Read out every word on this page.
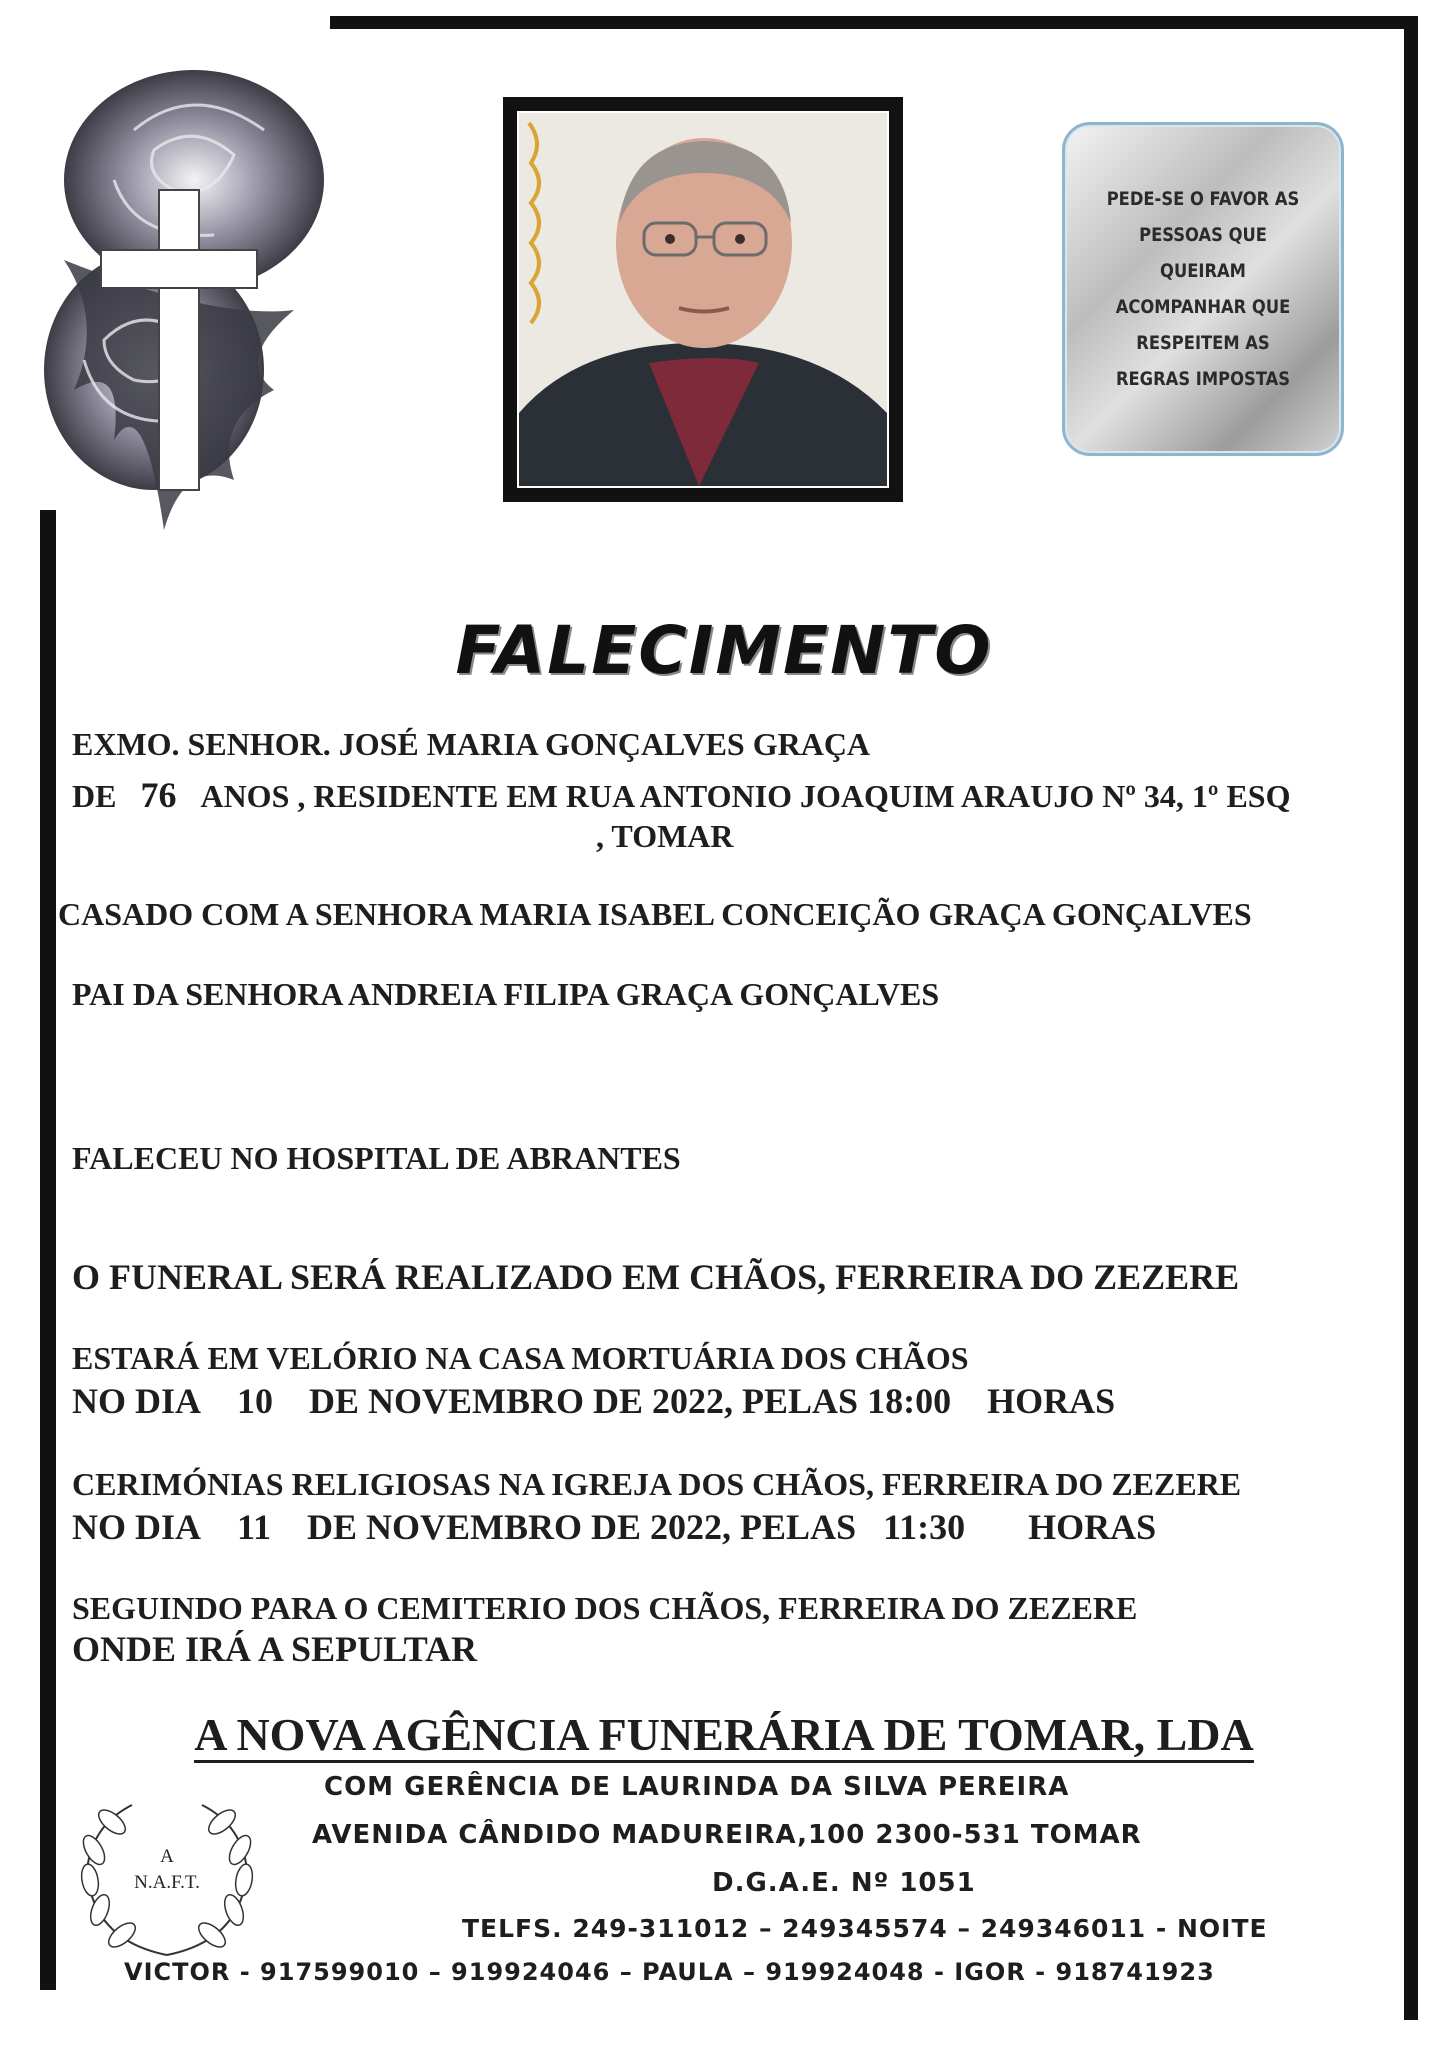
PEDE-SE O FAVOR AS
PESSOAS QUE
QUEIRAM
ACOMPANHAR QUE
RESPEITEM AS
REGRAS IMPOSTAS
FALECIMENTO
EXMO. SENHOR. JOSÉ MARIA GONÇALVES GRAÇA
DE 76 ANOS , RESIDENTE EM RUA ANTONIO JOAQUIM ARAUJO Nº 34, 1º ESQ
, TOMAR
CASADO COM A SENHORA MARIA ISABEL CONCEIÇÃO GRAÇA GONÇALVES
PAI DA SENHORA ANDREIA FILIPA GRAÇA GONÇALVES
FALECEU NO HOSPITAL DE ABRANTES
O FUNERAL SERÁ REALIZADO EM CHÃOS, FERREIRA DO ZEZERE
ESTARÁ EM VELÓRIO NA CASA MORTUÁRIA DOS CHÃOS
NO DIA 10 DE NOVEMBRO DE 2022, PELAS 18:00 HORAS
CERIMÓNIAS RELIGIOSAS NA IGREJA DOS CHÃOS, FERREIRA DO ZEZERE
NO DIA 11 DE NOVEMBRO DE 2022, PELAS 11:30 HORAS
SEGUINDO PARA O CEMITERIO DOS CHÃOS, FERREIRA DO ZEZERE
ONDE IRÁ A SEPULTAR
A NOVA AGÊNCIA FUNERÁRIA DE TOMAR, LDA
A
N.A.F.T.
COM GERÊNCIA DE LAURINDA DA SILVA PEREIRA
AVENIDA CÂNDIDO MADUREIRA,100 2300-531 TOMAR
D.G.A.E. Nº 1051
TELFS. 249-311012 – 249345574 – 249346011 - NOITE
VICTOR - 917599010 – 919924046 – PAULA – 919924048 - IGOR - 918741923
